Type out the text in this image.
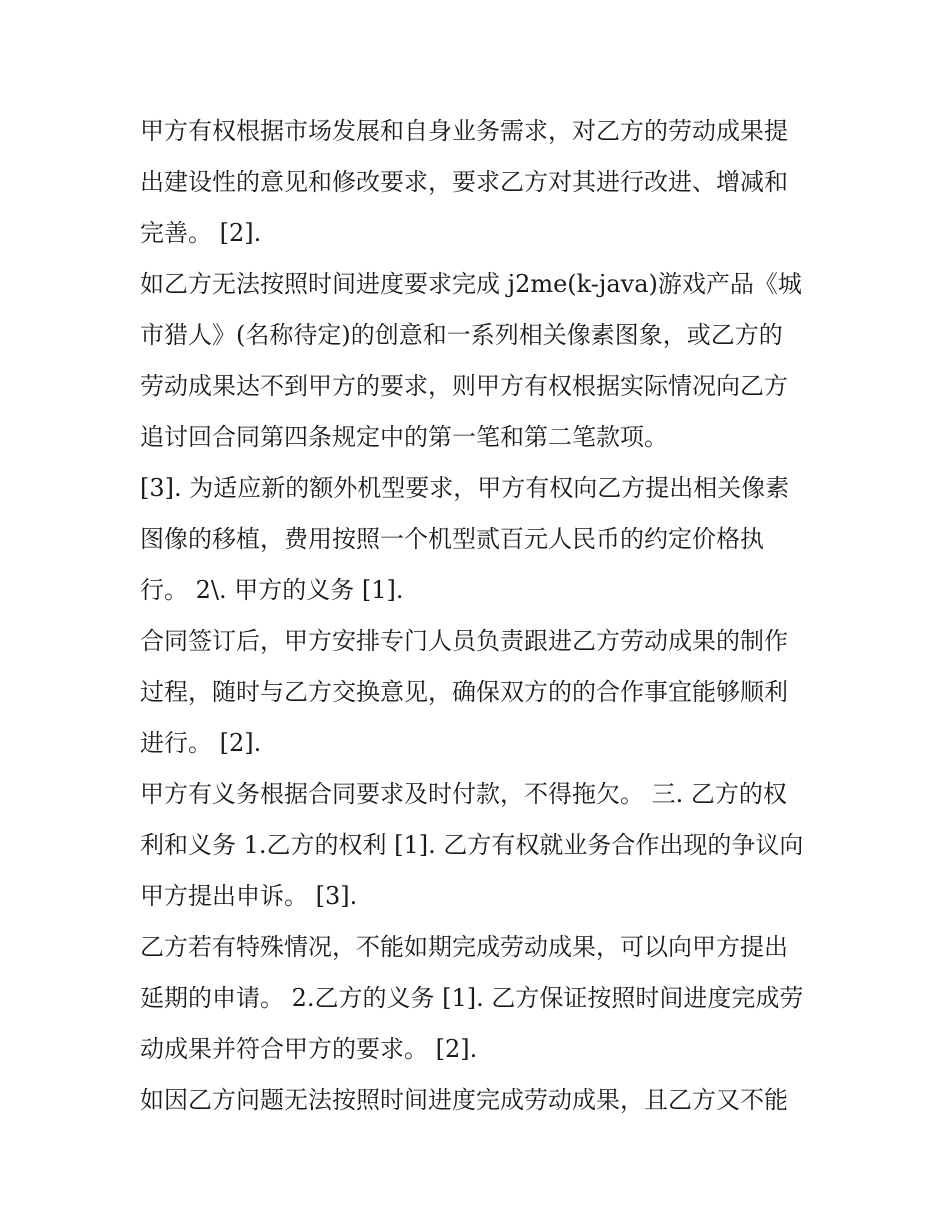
甲方有权根据市场发展和自身业务需求，对乙方的劳动成果提
出建设性的意见和修改要求，要求乙方对其进行改进、增减和
完善。 [2].
如乙方无法按照时间进度要求完成 j2me(k-java)游戏产品《城
市猎人》(名称待定)的创意和一系列相关像素图象，或乙方的
劳动成果达不到甲方的要求，则甲方有权根据实际情况向乙方
追讨回合同第四条规定中的第一笔和第二笔款项。
[3]. 为适应新的额外机型要求，甲方有权向乙方提出相关像素
图像的移植，费用按照一个机型贰百元人民币的约定价格执
行。 2\. 甲方的义务 [1].
合同签订后，甲方安排专门人员负责跟进乙方劳动成果的制作
过程，随时与乙方交换意见，确保双方的的合作事宜能够顺利
进行。 [2].
甲方有义务根据合同要求及时付款，不得拖欠。 三. 乙方的权
利和义务 1.乙方的权利 [1]. 乙方有权就业务合作出现的争议向
甲方提出申诉。 [3].
乙方若有特殊情况，不能如期完成劳动成果，可以向甲方提出
延期的申请。 2.乙方的义务 [1]. 乙方保证按照时间进度完成劳
动成果并符合甲方的要求。 [2].
如因乙方问题无法按照时间进度完成劳动成果，且乙方又不能
